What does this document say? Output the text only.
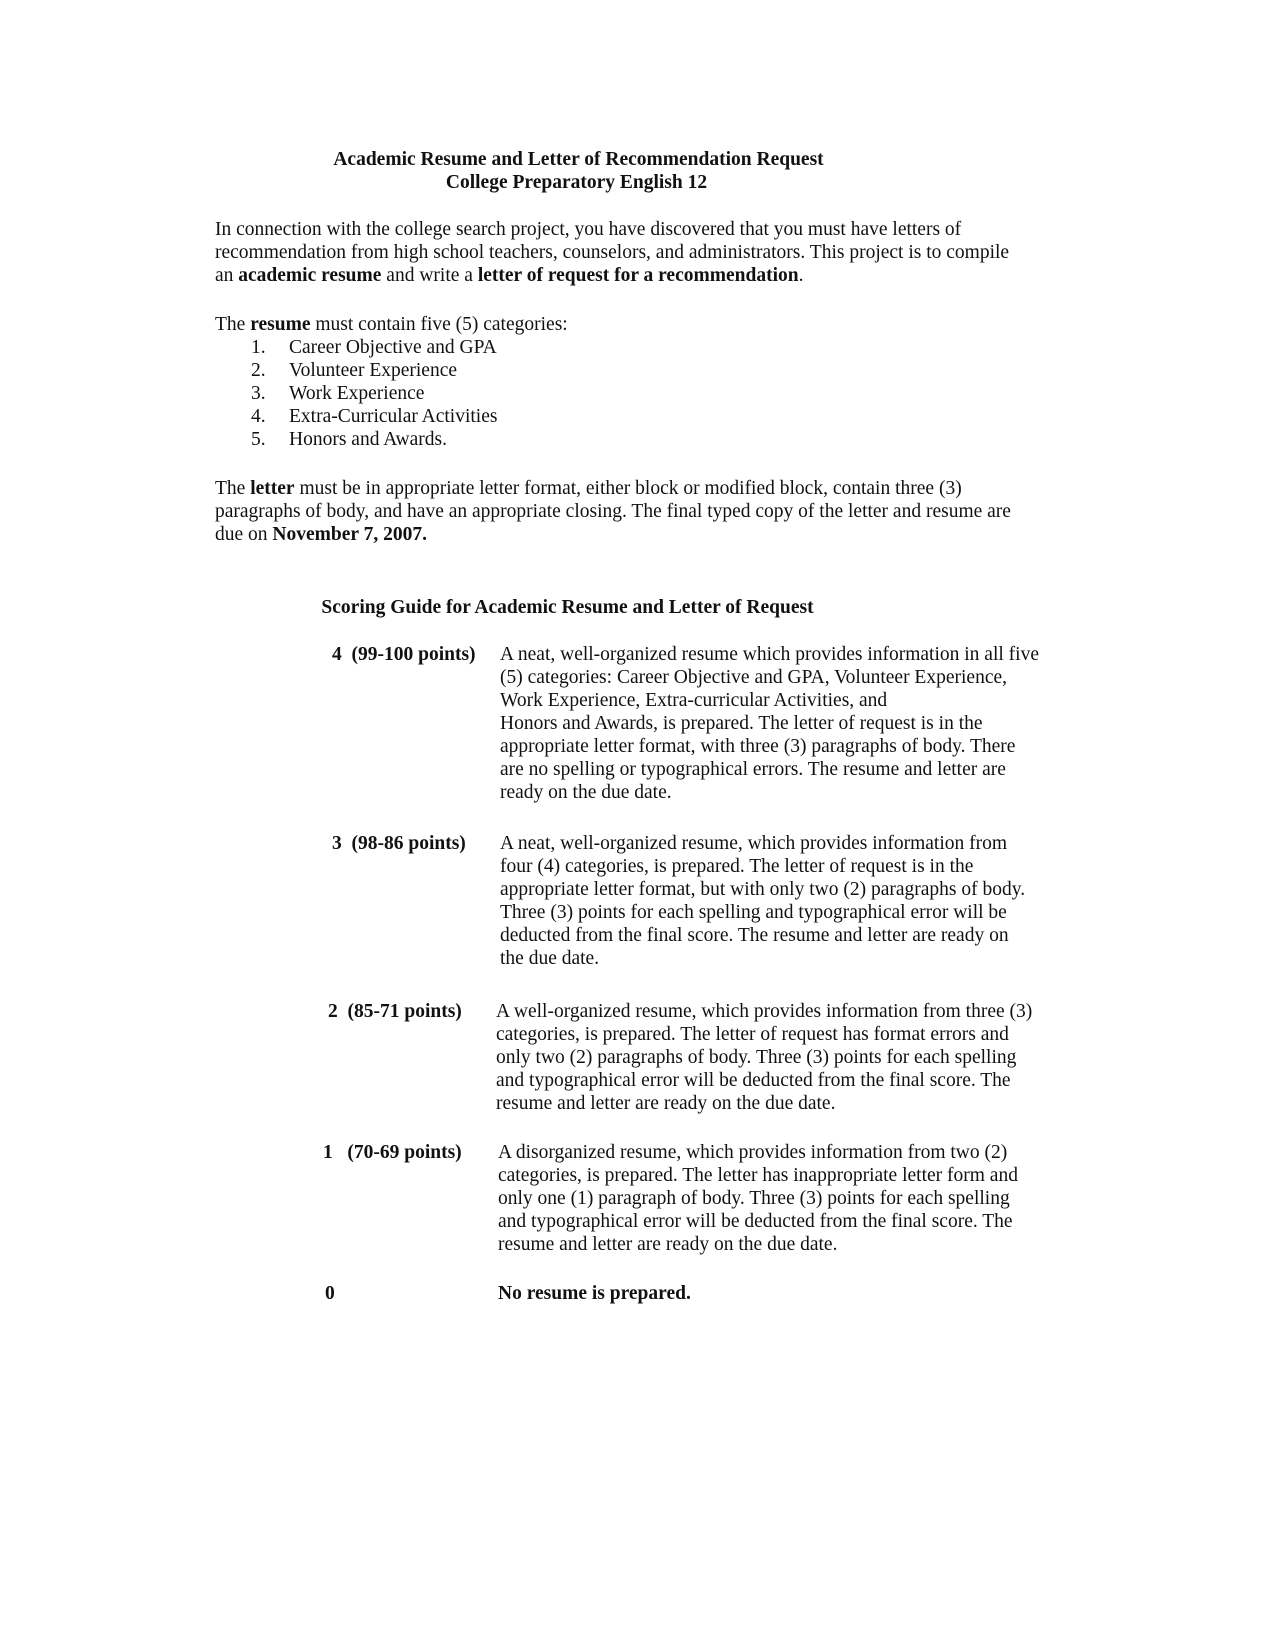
Academic Resume and Letter of Recommendation Request
College Preparatory English 12
In connection with the college search project, you have discovered that you must have letters of
recommendation from high school teachers, counselors, and administrators. This project is to compile
an academic resume and write a letter of request for a recommendation.
The resume must contain five (5) categories:
1. Career Objective and GPA
2. Volunteer Experience
3. Work Experience
4. Extra-Curricular Activities
5. Honors and Awards.
The letter must be in appropriate letter format, either block or modified block, contain three (3)
paragraphs of body, and have an appropriate closing. The final typed copy of the letter and resume are
due on November 7, 2007.
Scoring Guide for Academic Resume and Letter of Request
4  (99-100 points) A neat, well-organized resume which provides information in all five
(5) categories: Career Objective and GPA, Volunteer Experience,
Work Experience, Extra-curricular Activities, and
Honors and Awards, is prepared. The letter of request is in the
appropriate letter format, with three (3) paragraphs of body. There
are no spelling or typographical errors. The resume and letter are
ready on the due date.
3  (98-86 points) A neat, well-organized resume, which provides information from
four (4) categories, is prepared. The letter of request is in the
appropriate letter format, but with only two (2) paragraphs of body.
Three (3) points for each spelling and typographical error will be
deducted from the final score. The resume and letter are ready on
the due date.
2  (85-71 points) A well-organized resume, which provides information from three (3)
categories, is prepared. The letter of request has format errors and
only two (2) paragraphs of body. Three (3) points for each spelling
and typographical error will be deducted from the final score. The
resume and letter are ready on the due date.
1   (70-69 points) A disorganized resume, which provides information from two (2)
categories, is prepared. The letter has inappropriate letter form and
only one (1) paragraph of body. Three (3) points for each spelling
and typographical error will be deducted from the final score. The
resume and letter are ready on the due date.
0	No resume is prepared.
